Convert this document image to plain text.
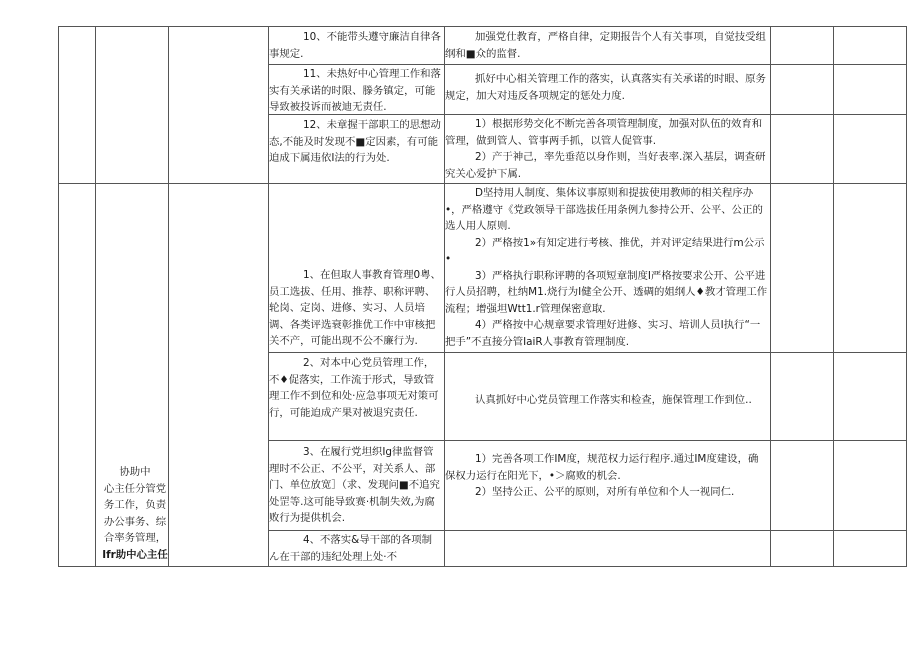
协助中
心主任分管党
务工作，负责
办公事务、综
合率务管理，
Ifr助中心主任
10、不能带头遵守廉洁自律各事规定.
加强党仕教育，严格自律，定期报告个人有关事项，自觉技受组纲和■众的监督.
11、未热好中心管理工作和落实有关承诺的时限、滕务镇定，可能导致被投诉而被迪无责任.
抓好中心相关管理工作的落实，认真落实有关承诺的时眼、原务规定，加大对违反各项规定的惩处力度.
12、未章握干部职工的思想动态,不能及时发现不■定因素，有可能迫成下属违依I法的行为处.
1）根据形势交化不断完善各项管理制度，加强对队伍的效育和管理，做到管人、管事两手抓，以管人促管事.
2）产于神己，率先垂范以身作则，当好表率.深入基层，调查研究关心爱护下属.
1、在但取人事教育管理0粤、员工选拔、任用、推荐、职称评聘、轮岗、定岗、进修、实习、人员培调、各类评选衰彰推优工作中审核把关不产，可能出现不公不廉行为.
D坚持用人制度、集体议事原则和提拔使用教师的相关程序办•，严格遵守《党政领导干部选拔任用条例九参持公开、公平、公正的选人用人原则.
2）严格按1»有知定进行考核、推优，并对评定结果进行m公示•
3）严格执行职称评聘的各项短章制度I严格按要求公开、公平进行人员招聘，杜纳M1.烧行为I健全公开、透碉的姐纲人♦教才管理工作流程；增强坦Wtt1.r管理保密意取.
4）严格按中心规章要求管理好进修、实习、培训人员I执行“一把手”不直接分管IaiR人事教育管理制度.
2、对本中心党员管理工作，不♦促落实，工作流于形式，导致管理工作不到位和处·应急事项无对策可行，可能迫成产果对被退究责任.
认真抓好中心党员管理工作落实和检查，施保管理工作到位..
3、在履行党坦织Ig律监督管理时不公正、不公平，对关系人、部门、单位放宽］（求、发现问■不追究处罡等.这可能导致赛·机制失效,为腐败行为提供机会.
1）完善各项工作IM度，规范权力运行程序.通过IM度建设，确保权力运行在阳光下，•＞腐败的机会.
2）坚持公正、公平的原则，对所有单位和个人一视同仁.
4、不落实&导干部的各项制ん在干部的违纪处理上处·不
